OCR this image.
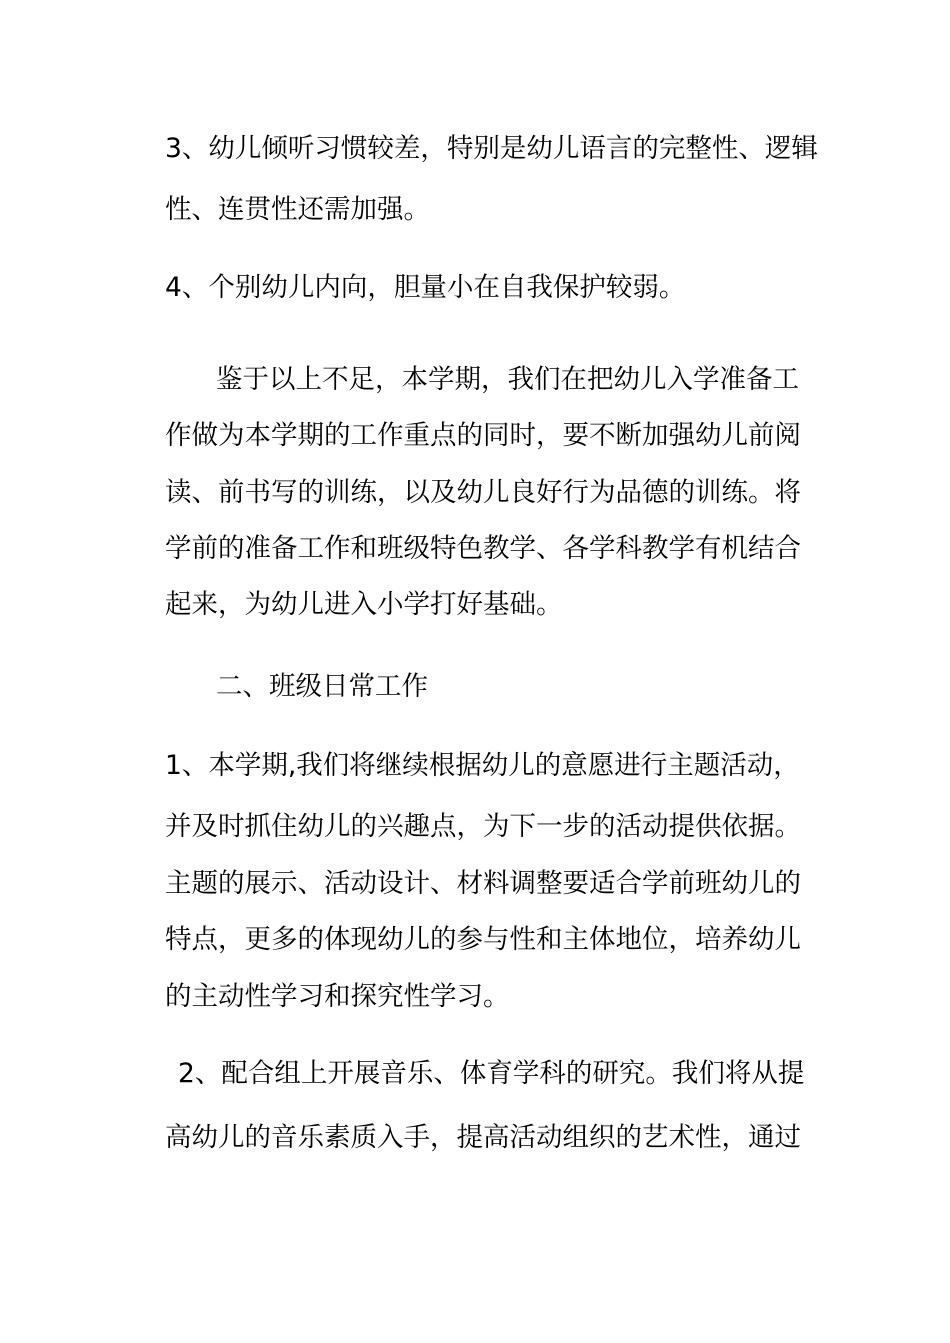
3、幼儿倾听习惯较差，特别是幼儿语言的完整性、逻辑
性、连贯性还需加强。
4、个别幼儿内向，胆量小在自我保护较弱。
鉴于以上不足，本学期，我们在把幼儿入学准备工
作做为本学期的工作重点的同时，要不断加强幼儿前阅
读、前书写的训练，以及幼儿良好行为品德的训练。将
学前的准备工作和班级特色教学、各学科教学有机结合
起来，为幼儿进入小学打好基础。
二、班级日常工作
1、本学期,我们将继续根据幼儿的意愿进行主题活动，
并及时抓住幼儿的兴趣点，为下一步的活动提供依据。
主题的展示、活动设计、材料调整要适合学前班幼儿的
特点，更多的体现幼儿的参与性和主体地位，培养幼儿
的主动性学习和探究性学习。
2、配合组上开展音乐、体育学科的研究。我们将从提
高幼儿的音乐素质入手，提高活动组织的艺术性，通过
